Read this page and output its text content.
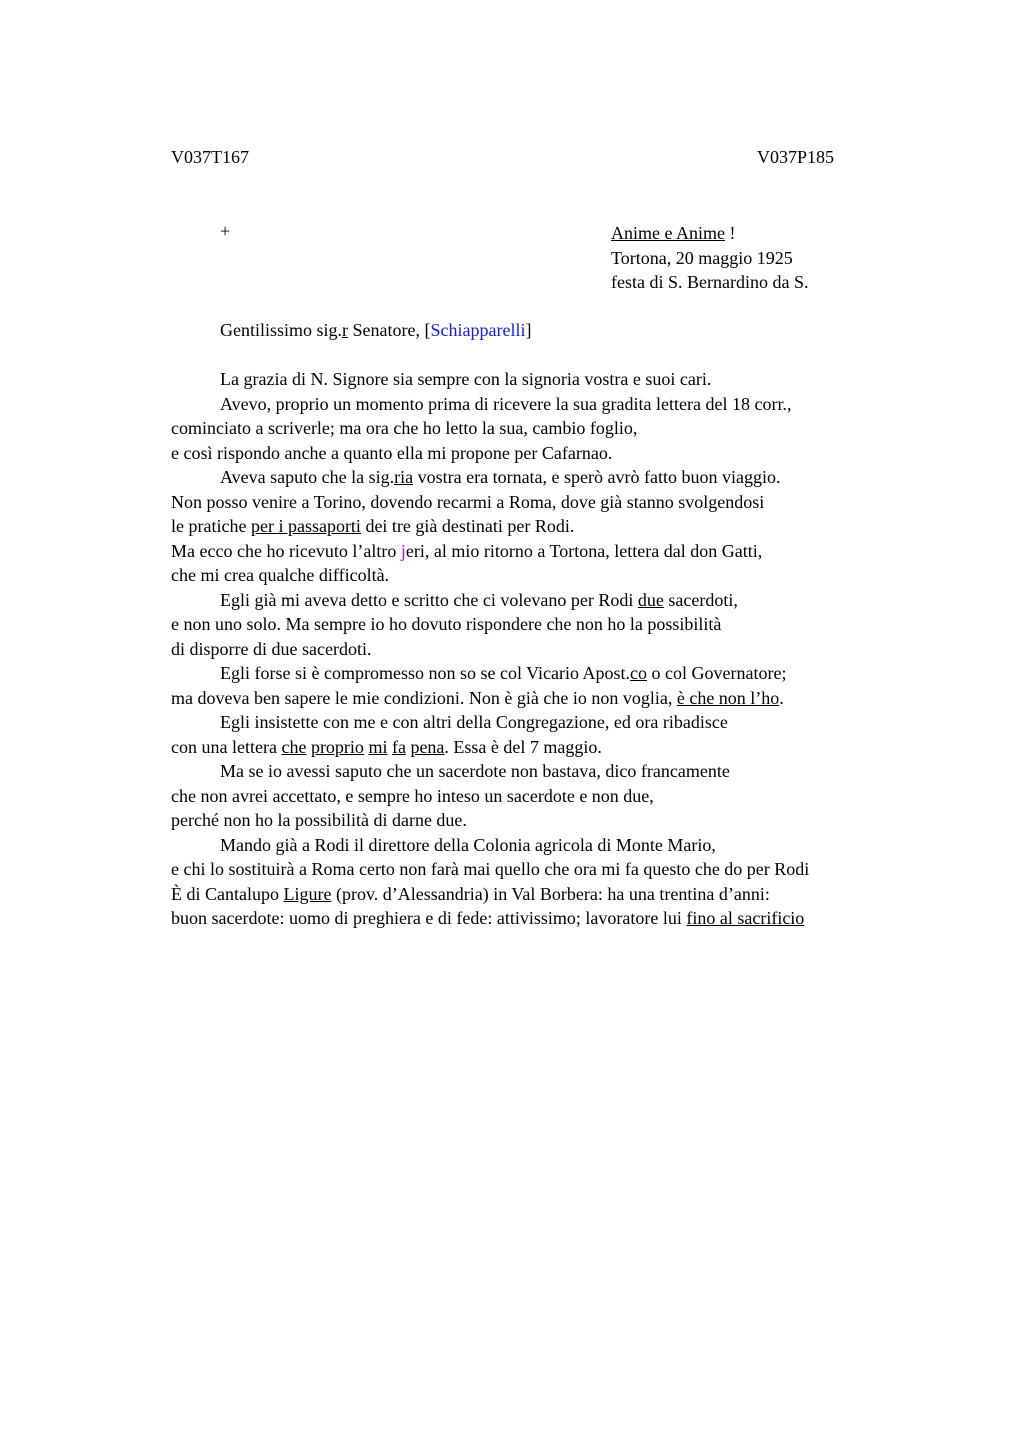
V037T167	V037P185
+	Anime e Anime !
Tortona, 20 maggio 1925
festa di S. Bernardino da S.
Gentilissimo sig.r Senatore, [Schiapparelli]
La grazia di N. Signore sia sempre con la signoria vostra e suoi cari.
Avevo, proprio un momento prima di ricevere la sua gradita lettera del 18 corr.,
cominciato a scriverle; ma ora che ho letto la sua, cambio foglio,
e così rispondo anche a quanto ella mi propone per Cafarnao.
Aveva saputo che la sig.ria vostra era tornata, e sperò avrò fatto buon viaggio.
Non posso venire a Torino, dovendo recarmi a Roma, dove già stanno svolgendosi
le pratiche per i passaporti dei tre già destinati per Rodi.
Ma ecco che ho ricevuto l’altro jeri, al mio ritorno a Tortona, lettera dal don Gatti,
che mi crea qualche difficoltà.
Egli già mi aveva detto e scritto che ci volevano per Rodi due sacerdoti,
e non uno solo. Ma sempre io ho dovuto rispondere che non ho la possibilità
di disporre di due sacerdoti.
Egli forse si è compromesso non so se col Vicario Apost.co o col Governatore;
ma doveva ben sapere le mie condizioni. Non è già che io non voglia, è che non l’ho.
Egli insistette con me e con altri della Congregazione, ed ora ribadisce
con una lettera che proprio mi fa pena. Essa è del 7 maggio.
Ma se io avessi saputo che un sacerdote non bastava, dico francamente
che non avrei accettato, e sempre ho inteso un sacerdote e non due,
perché non ho la possibilità di darne due.
Mando già a Rodi il direttore della Colonia agricola di Monte Mario,
e chi lo sostituirà a Roma certo non farà mai quello che ora mi fa questo che do per Rodi
È di Cantalupo Ligure (prov. d’Alessandria) in Val Borbera: ha una trentina d’anni:
buon sacerdote: uomo di preghiera e di fede: attivissimo; lavoratore lui fino al sacrificio
